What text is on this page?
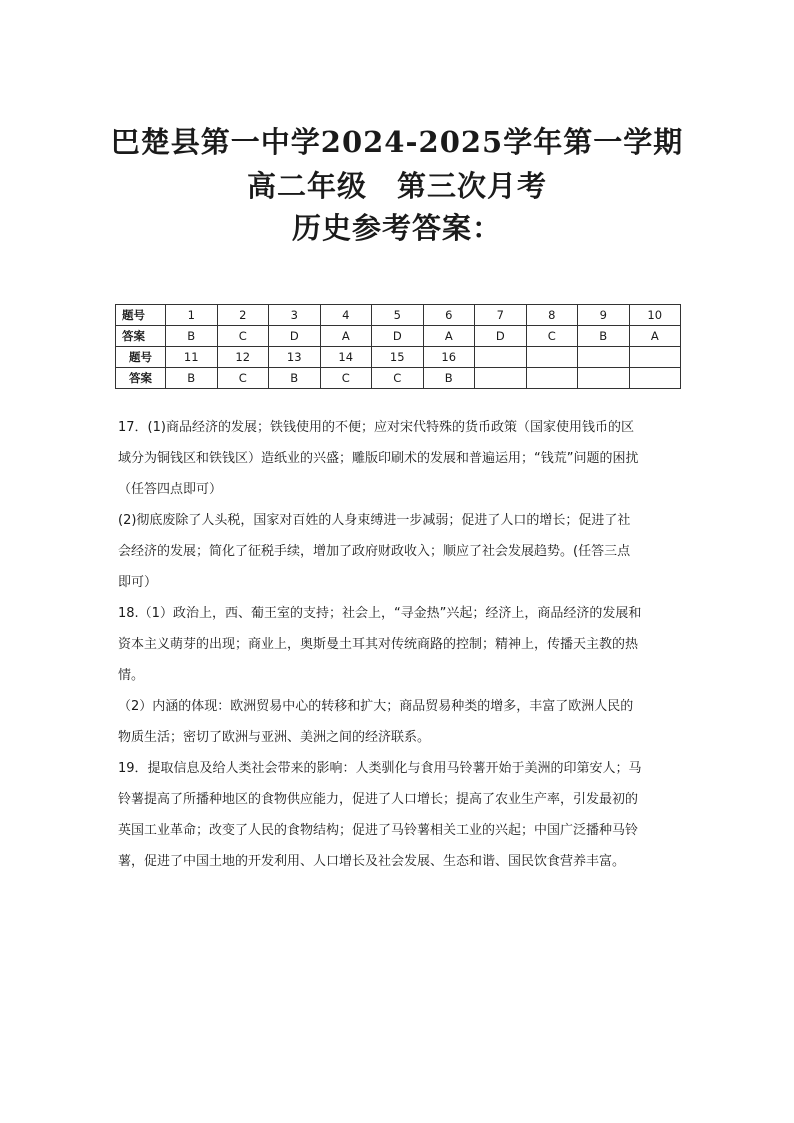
巴楚县第一中学2024-2025学年第一学期
高二年级　第三次月考
历史参考答案：
题号	1	2	3	4	5	6	7	8	9	10
答案	B	C	D	A	D	A	D	C	B	A
题号	11	12	13	14	15	16				
答案	B	C	B	C	C	B				
17．(1)商品经济的发展；铁钱使用的不便；应对宋代特殊的货币政策（国家使用钱币的区
域分为铜钱区和铁钱区）造纸业的兴盛；雕版印刷术的发展和普遍运用；“钱荒”问题的困扰
（任答四点即可）
(2)彻底废除了人头税，国家对百姓的人身束缚进一步减弱；促进了人口的增长；促进了社
会经济的发展；简化了征税手续，增加了政府财政收入；顺应了社会发展趋势。(任答三点
即可）
18.（1）政治上，西、葡王室的支持；社会上，“寻金热”兴起；经济上，商品经济的发展和
资本主义萌芽的出现；商业上，奥斯曼土耳其对传统商路的控制；精神上，传播天主教的热
情。
（2）内涵的体现：欧洲贸易中心的转移和扩大；商品贸易种类的增多，丰富了欧洲人民的
物质生活；密切了欧洲与亚洲、美洲之间的经济联系。
19．提取信息及给人类社会带来的影响：人类驯化与食用马铃薯开始于美洲的印第安人；马
铃薯提高了所播种地区的食物供应能力，促进了人口增长；提高了农业生产率，引发最初的
英国工业革命；改变了人民的食物结构；促进了马铃薯相关工业的兴起；中国广泛播种马铃
薯，促进了中国土地的开发利用、人口增长及社会发展、生态和谐、国民饮食营养丰富。
